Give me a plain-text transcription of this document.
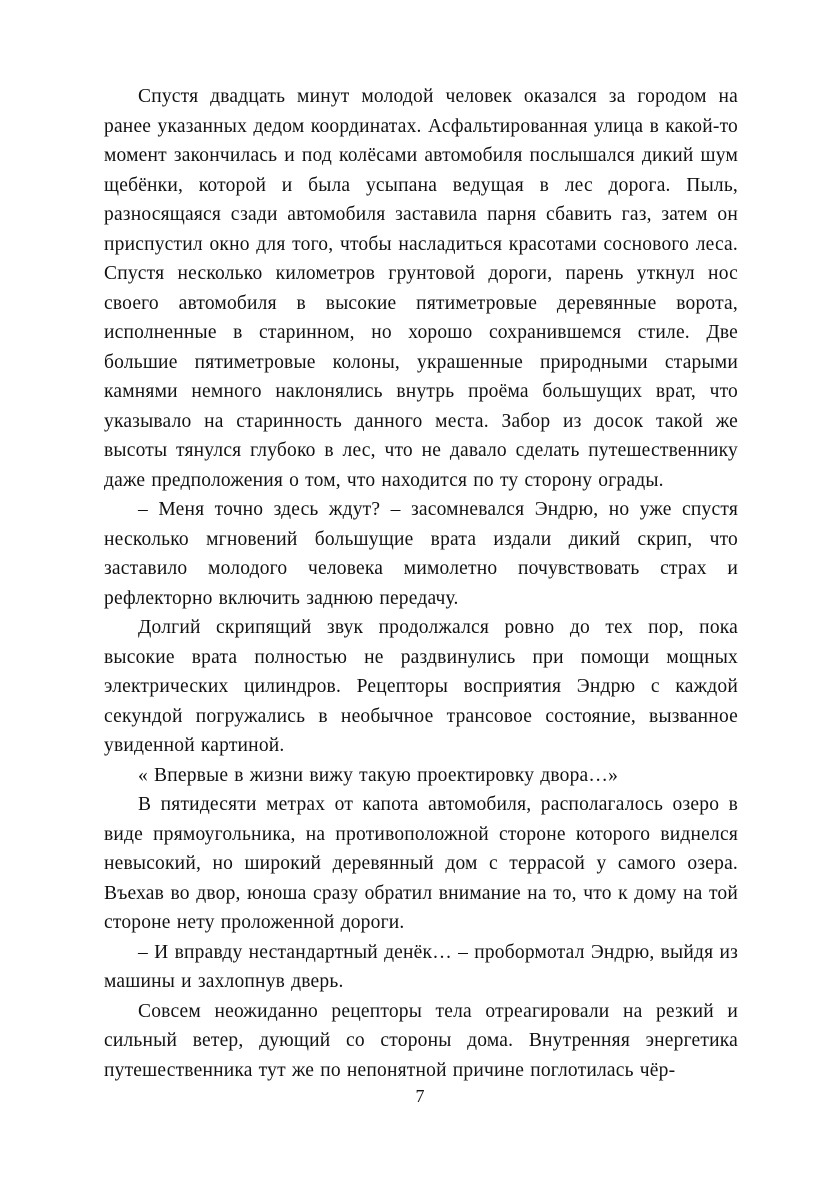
Спустя двадцать минут молодой человек оказался за городом на ранее указанных дедом координатах. Асфальтированная улица в какой-то момент закончилась и под колёсами автомобиля послышался дикий шум щебёнки, которой и была усыпана ведущая в лес дорога. Пыль, разносящаяся сзади автомобиля заставила парня сбавить газ, затем он приспустил окно для того, чтобы насладиться красотами соснового леса. Спустя несколько километров грунтовой дороги, парень уткнул нос своего автомобиля в высокие пятиметровые деревянные ворота, исполненные в старинном, но хорошо сохранившемся стиле. Две большие пятиметровые колоны, украшенные природными старыми камнями немного наклонялись внутрь проёма большущих врат, что указывало на старинность данного места. Забор из досок такой же высоты тянулся глубоко в лес, что не давало сделать путешественнику даже предположения о том, что находится по ту сторону ограды.

– Меня точно здесь ждут? – засомневался Эндрю, но уже спустя несколько мгновений большущие врата издали дикий скрип, что заставило молодого человека мимолетно почувствовать страх и рефлекторно включить заднюю передачу.

Долгий скрипящий звук продолжался ровно до тех пор, пока высокие врата полностью не раздвинулись при помощи мощных электрических цилиндров. Рецепторы восприятия Эндрю с каждой секундой погружались в необычное трансовое состояние, вызванное увиденной картиной.

« Впервые в жизни вижу такую проектировку двора…»

В пятидесяти метрах от капота автомобиля, располагалось озеро в виде прямоугольника, на противоположной стороне которого виднелся невысокий, но широкий деревянный дом с террасой у самого озера. Въехав во двор, юноша сразу обратил внимание на то, что к дому на той стороне нету проложенной дороги.

– И вправду нестандартный денёк… – пробормотал Эндрю, выйдя из машины и захлопнув дверь.

Совсем неожиданно рецепторы тела отреагировали на резкий и сильный ветер, дующий со стороны дома. Внутренняя энергетика путешественника тут же по непонятной причине поглотилась чёр-

7
